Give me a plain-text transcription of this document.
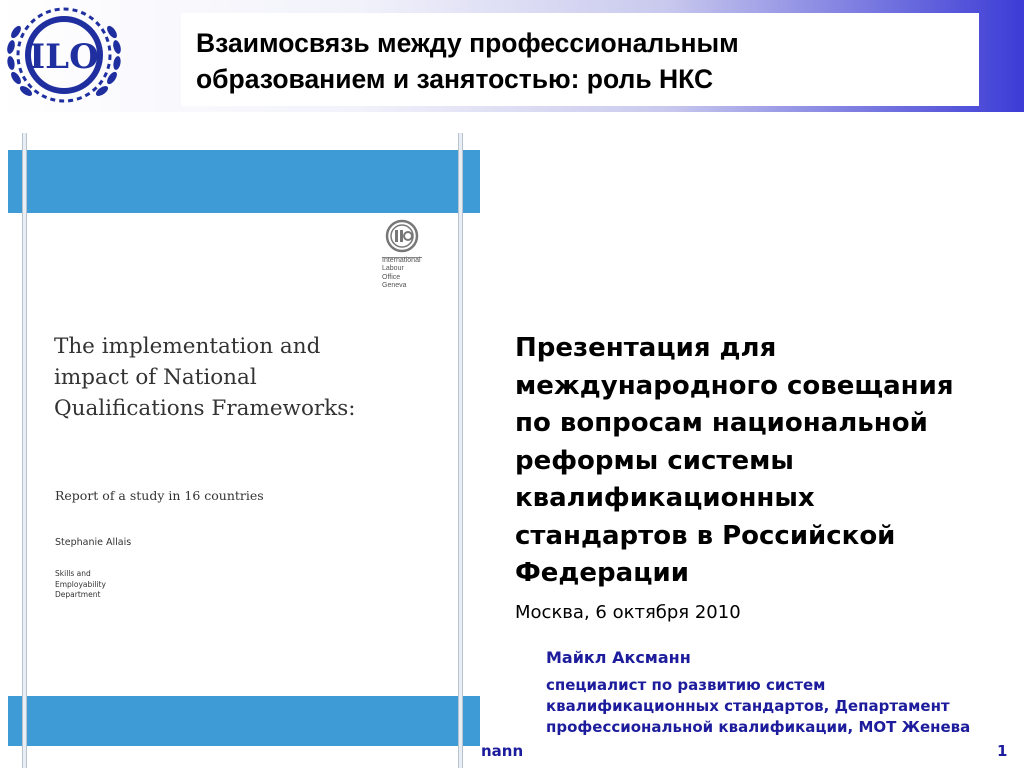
ILO	Взаимосвязь между профессиональным
образованием и занятостью: роль НКС

International
Labour
Office
Geneva

The implementation and
impact of National
Qualifications Frameworks:

Report of a study in 16 countries

Stephanie Allais

Skills and
Employability
Department

Презентация для
международного совещания
по вопросам национальной
реформы системы
квалификационных
стандартов в Российской
Федерации

Москва, 6 октября 2010

Майкл Аксманн

специалист по развитию систем
квалификационных стандартов, Департамент
профессиональной квалификации, МОТ Женева

nann	1
